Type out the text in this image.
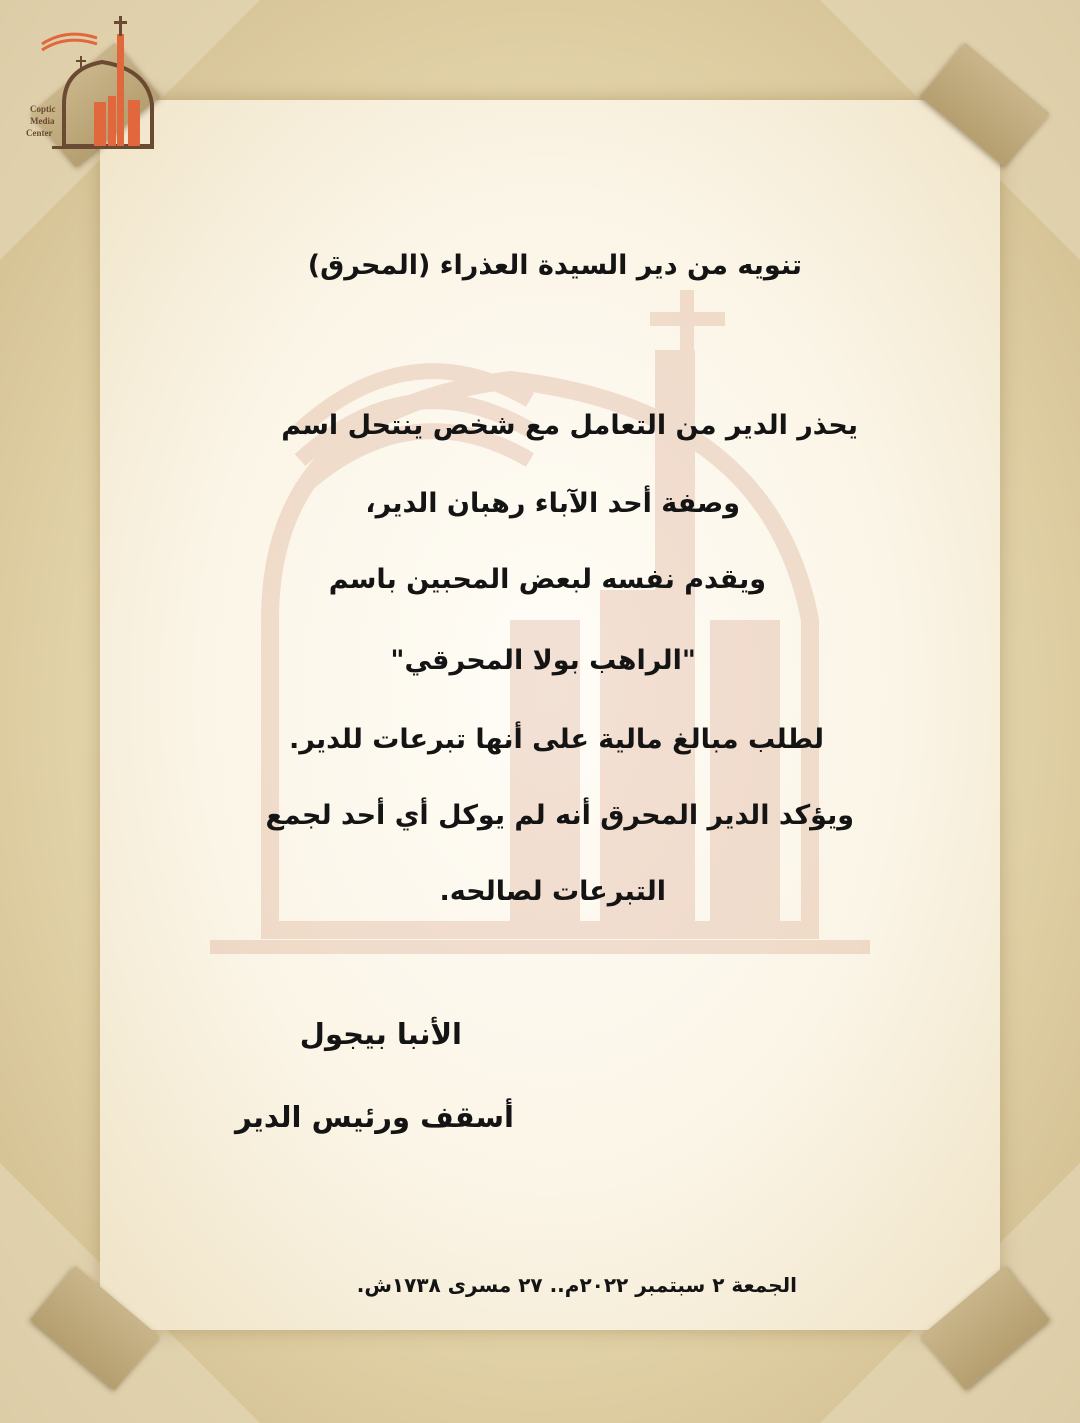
Coptic
Media
Center
تنويه من دير السيدة العذراء (المحرق)
يحذر الدير من التعامل مع شخص ينتحل اسم
وصفة أحد الآباء رهبان الدير،
ويقدم نفسه لبعض المحبين باسم
"الراهب بولا المحرقي"
لطلب مبالغ مالية على أنها تبرعات للدير.
ويؤكد الدير المحرق أنه لم يوكل أي أحد لجمع
التبرعات لصالحه.
الأنبا بيجول
أسقف ورئيس الدير
الجمعة ٢ سبتمبر ٢٠٢٢م.. ٢٧ مسرى ١٧٣٨ش.
